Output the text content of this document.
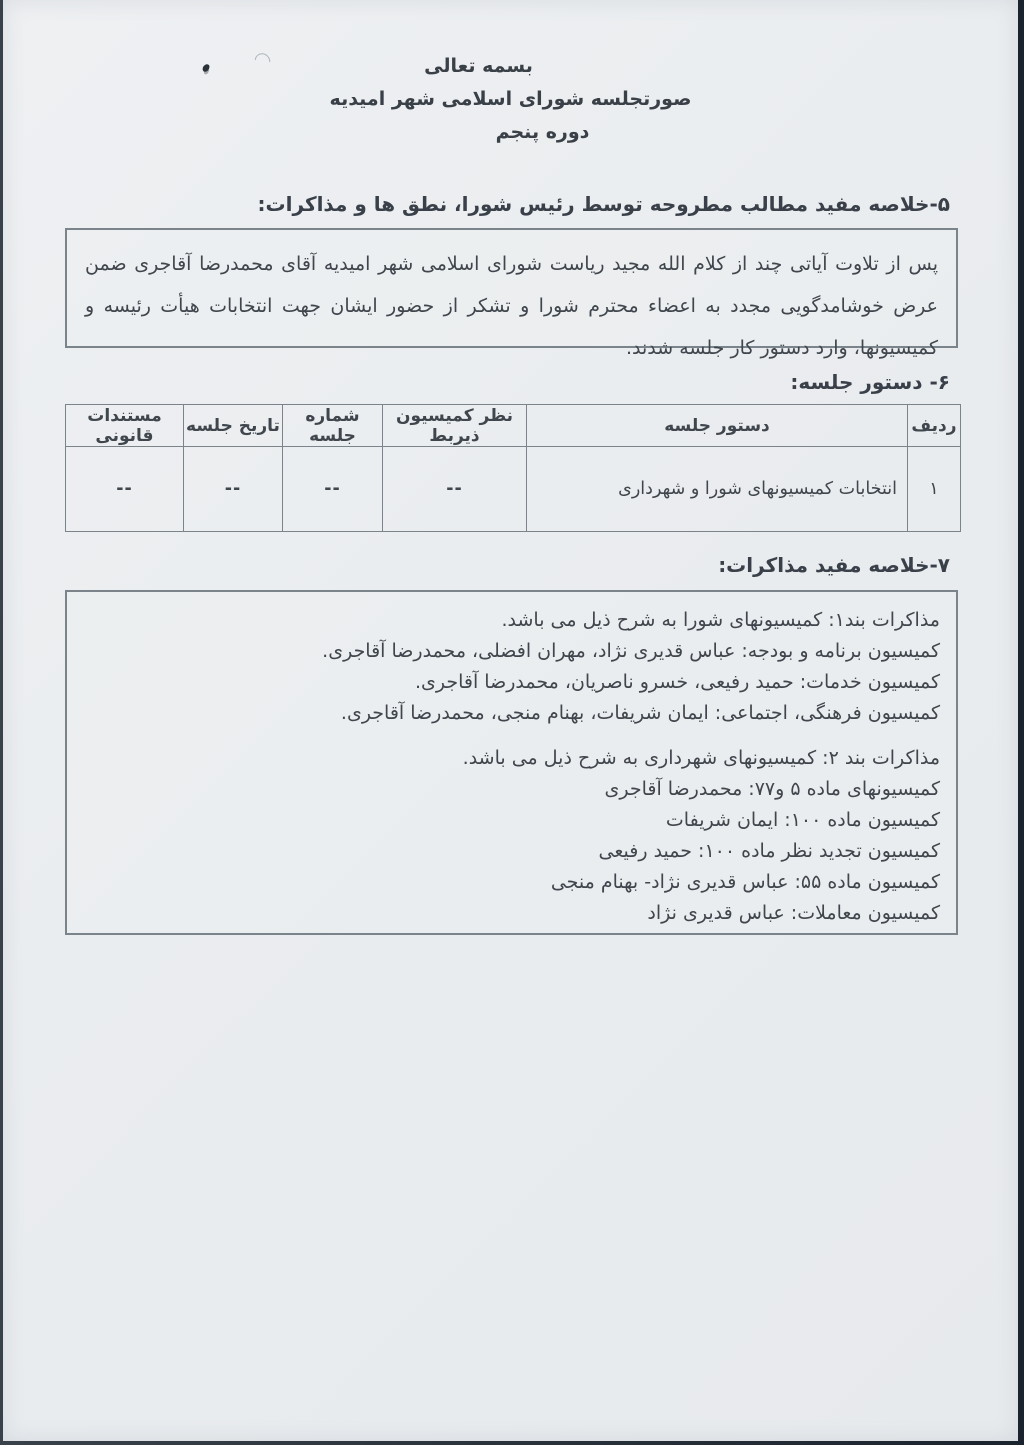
بسمه تعالی
صورتجلسه شورای اسلامی شهر امیدیه
دوره پنجم
۵-خلاصه مفید مطالب مطروحه توسط رئیس شورا، نطق ها و مذاکرات:

پس از تلاوت آیاتی چند از کلام الله مجید ریاست شورای اسلامی شهر امیدیه آقای محمدرضا آقاجری ضمن عرض خوشامدگویی مجدد به اعضاء محترم شورا و تشکر از حضور ایشان جهت انتخابات هیأت رئیسه و کمیسیونها، وارد دستور کار جلسه شدند.

۶- دستور جلسه:
ردیف	دستور جلسه	نظر کمیسیون ذیربط	شماره جلسه	تاریخ جلسه	مستندات قانونی
۱	انتخابات کمیسیونهای شورا و شهرداری	--	--	--	--
۷-خلاصه مفید مذاکرات:
مذاکرات بند۱: کمیسیونهای شورا به شرح ذیل می باشد.
کمیسیون برنامه و بودجه: عباس قدیری نژاد، مهران افضلی، محمدرضا آقاجری.
کمیسیون خدمات: حمید رفیعی، خسرو ناصریان، محمدرضا آقاجری.
کمیسیون فرهنگی، اجتماعی: ایمان شریفات، بهنام منجی، محمدرضا آقاجری.
مذاکرات بند ۲: کمیسیونهای شهرداری به شرح ذیل می باشد.
کمیسیونهای ماده ۵ و۷۷: محمدرضا آقاجری
کمیسیون ماده ۱۰۰: ایمان شریفات
کمیسیون تجدید نظر ماده ۱۰۰: حمید رفیعی
کمیسیون ماده ۵۵: عباس قدیری نژاد- بهنام منجی
کمیسیون معاملات: عباس قدیری نژاد
